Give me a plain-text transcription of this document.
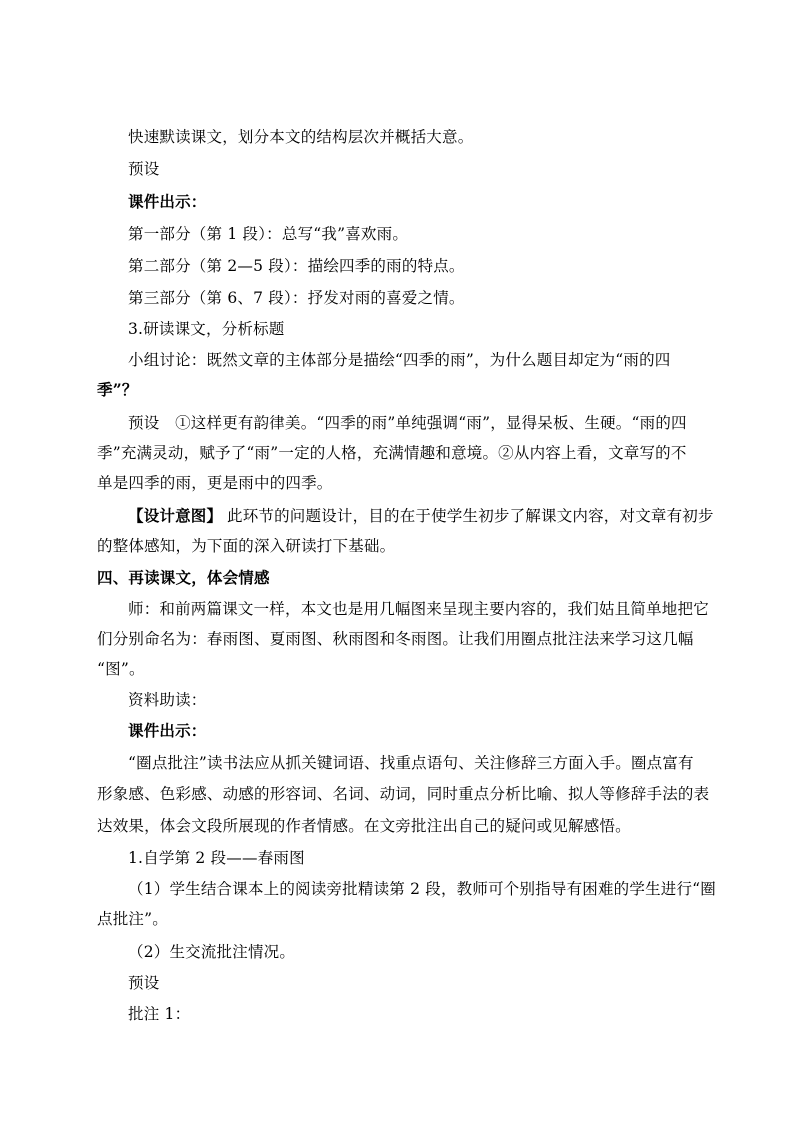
快速默读课文，划分本文的结构层次并概括大意。
预设
课件出示：
第一部分（第 1 段）：总写“我”喜欢雨。
第二部分（第 2—5 段）：描绘四季的雨的特点。
第三部分（第 6、7 段）：抒发对雨的喜爱之情。
3.研读课文，分析标题
小组讨论：既然文章的主体部分是描绘“四季的雨”，为什么题目却定为“雨的四
季”？
预设　①这样更有韵律美。“四季的雨”单纯强调“雨”，显得呆板、生硬。“雨的四
季”充满灵动，赋予了“雨”一定的人格，充满情趣和意境。②从内容上看，文章写的不
单是四季的雨，更是雨中的四季。
【设计意图】 此环节的问题设计，目的在于使学生初步了解课文内容，对文章有初步
的整体感知，为下面的深入研读打下基础。
四、再读课文，体会情感
师：和前两篇课文一样，本文也是用几幅图来呈现主要内容的，我们姑且简单地把它
们分别命名为：春雨图、夏雨图、秋雨图和冬雨图。让我们用圈点批注法来学习这几幅
“图”。
资料助读：
课件出示：
“圈点批注”读书法应从抓关键词语、找重点语句、关注修辞三方面入手。圈点富有
形象感、色彩感、动感的形容词、名词、动词，同时重点分析比喻、拟人等修辞手法的表
达效果，体会文段所展现的作者情感。在文旁批注出自己的疑问或见解感悟。
1.自学第 2 段——春雨图
（1）学生结合课本上的阅读旁批精读第 2 段，教师可个别指导有困难的学生进行“圈
点批注”。
（2）生交流批注情况。
预设
批注 1：
